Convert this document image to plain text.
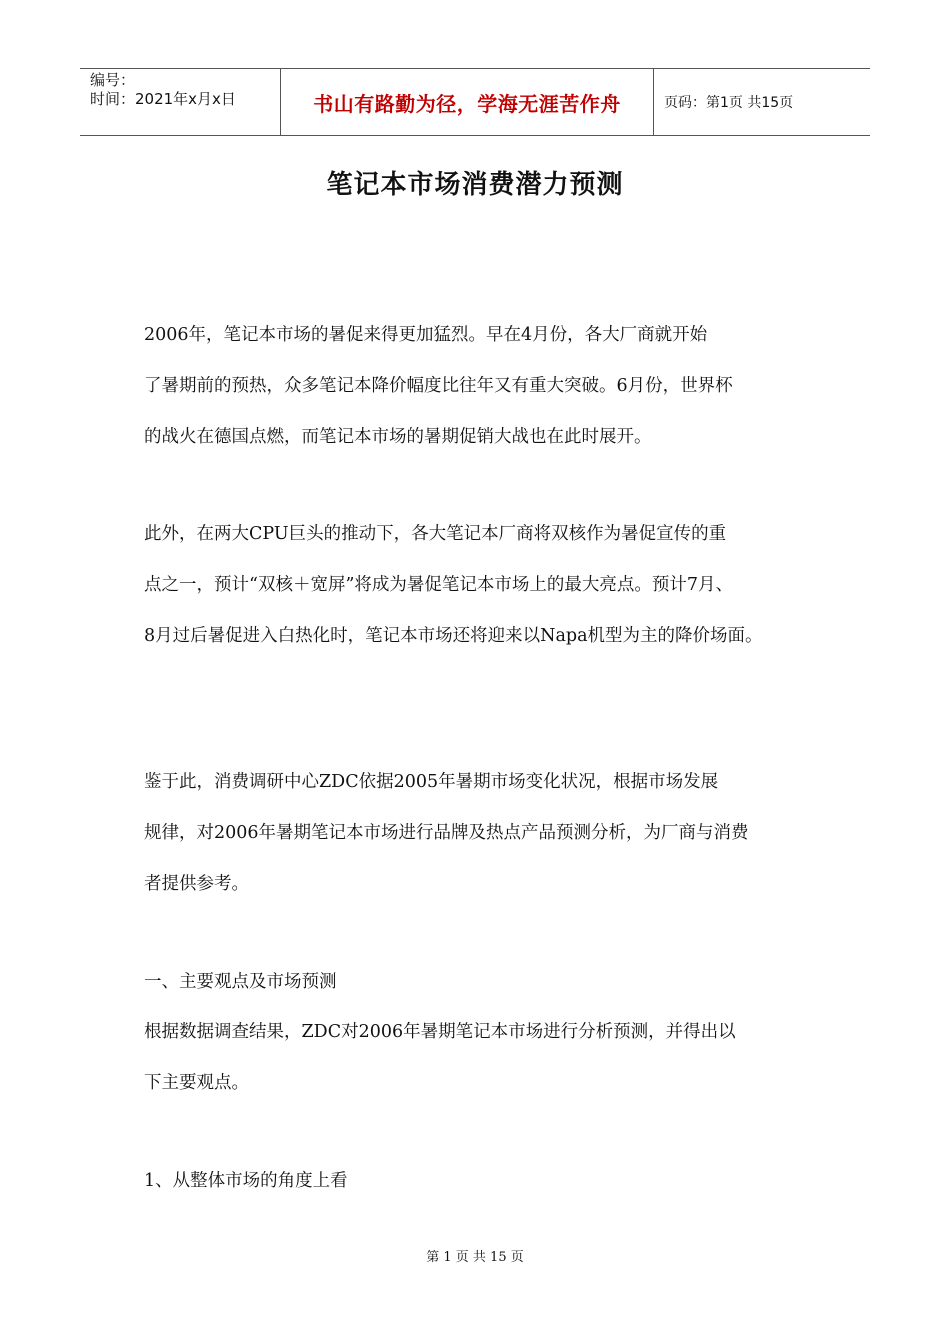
编号：
时间：2021年x月x日	书山有路勤为径，学海无涯苦作舟	页码：第1页 共15页
笔记本市场消费潜力预测

2006年，笔记本市场的暑促来得更加猛烈。早在4月份，各大厂商就开始
了暑期前的预热，众多笔记本降价幅度比往年又有重大突破。6月份，世界杯
的战火在德国点燃，而笔记本市场的暑期促销大战也在此时展开。

此外，在两大CPU巨头的推动下，各大笔记本厂商将双核作为暑促宣传的重
点之一，预计“双核＋宽屏”将成为暑促笔记本市场上的最大亮点。预计7月、
8月过后暑促进入白热化时，笔记本市场还将迎来以Napa机型为主的降价场面。

鉴于此，消费调研中心ZDC依据2005年暑期市场变化状况，根据市场发展
规律，对2006年暑期笔记本市场进行品牌及热点产品预测分析，为厂商与消费
者提供参考。

一、主要观点及市场预测

根据数据调查结果，ZDC对2006年暑期笔记本市场进行分析预测，并得出以
下主要观点。

1、从整体市场的角度上看

第 1 页 共 15 页
